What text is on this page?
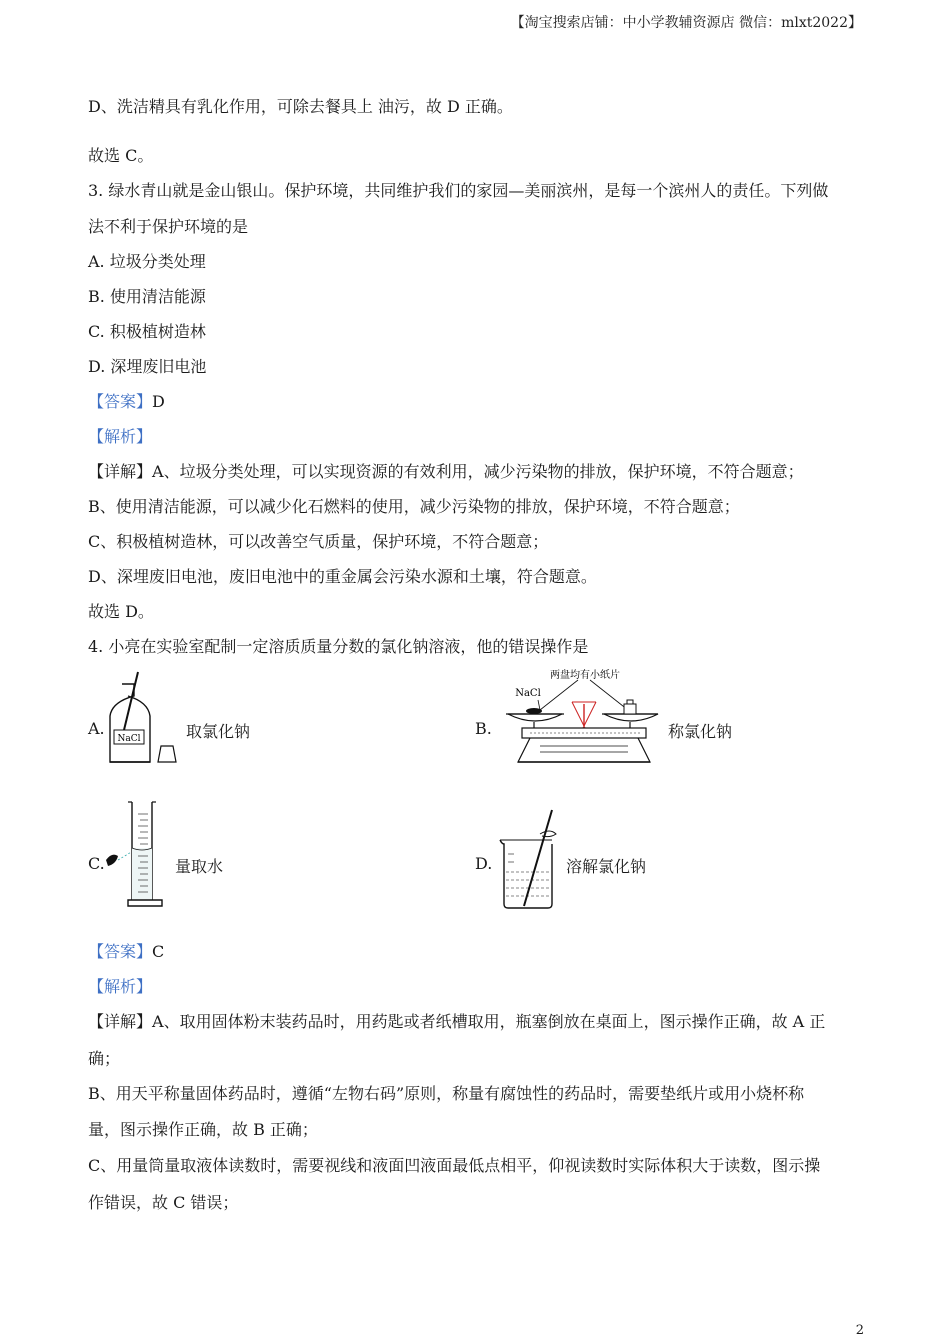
【淘宝搜索店铺：中小学教辅资源店 微信：mlxt2022】
D、洗洁精具有乳化作用，可除去餐具上 油污，故 D 正确。
故选 C。
3. 绿水青山就是金山银山。保护环境，共同维护我们的家园—美丽滨州，是每一个滨州人的责任。下列做
法不利于保护环境的是
A. 垃圾分类处理
B. 使用清洁能源
C. 积极植树造林
D. 深埋废旧电池
【答案】D
【解析】
【详解】A、垃圾分类处理，可以实现资源的有效利用，减少污染物的排放，保护环境，不符合题意；
B、使用清洁能源，可以减少化石燃料的使用，减少污染物的排放，保护环境，不符合题意；
C、积极植树造林，可以改善空气质量，保护环境，不符合题意；
D、深埋废旧电池，废旧电池中的重金属会污染水源和土壤，符合题意。
故选 D。
4. 小亮在实验室配制一定溶质质量分数的氯化钠溶液，他的错误操作是
A.
NaCl	取氯化钠	B.
两盘均有小纸片
NaCl
称氯化钠
C.	量取水	D.	溶解氯化钠
【答案】C
【解析】
【详解】A、取用固体粉末装药品时，用药匙或者纸槽取用，瓶塞倒放在桌面上，图示操作正确，故 A 正
确；
B、用天平称量固体药品时，遵循“左物右码”原则，称量有腐蚀性的药品时，需要垫纸片或用小烧杯称
量，图示操作正确，故 B 正确；
C、用量筒量取液体读数时，需要视线和液面凹液面最低点相平，仰视读数时实际体积大于读数，图示操
作错误，故 C 错误；
2
